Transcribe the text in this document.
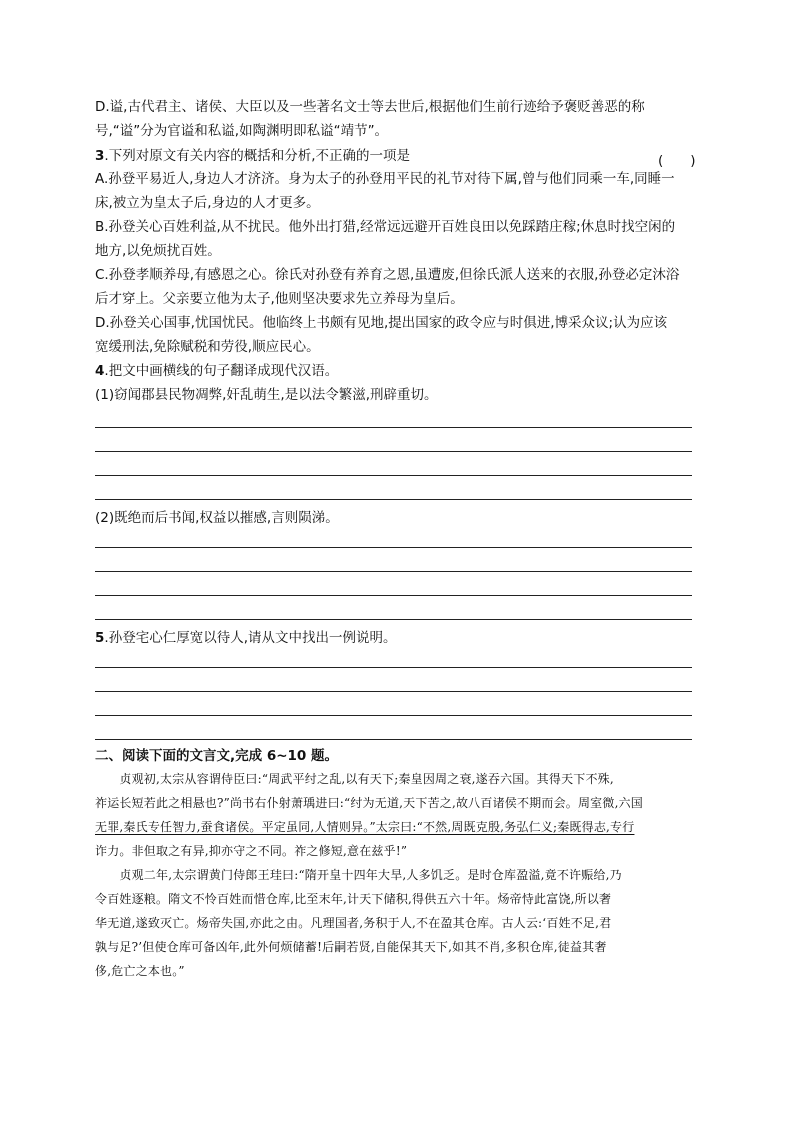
D.谥,古代君主、诸侯、大臣以及一些著名文士等去世后,根据他们生前行迹给予褒贬善恶的称
号,“谥”分为官谥和私谥,如陶渊明即私谥“靖节”。
3.下列对原文有关内容的概括和分析,不正确的一项是	(　　)
A.孙登平易近人,身边人才济济。身为太子的孙登用平民的礼节对待下属,曾与他们同乘一车,同睡一
床,被立为皇太子后,身边的人才更多。
B.孙登关心百姓利益,从不扰民。他外出打猎,经常远远避开百姓良田以免踩踏庄稼;休息时找空闲的
地方,以免烦扰百姓。
C.孙登孝顺养母,有感恩之心。徐氏对孙登有养育之恩,虽遭废,但徐氏派人送来的衣服,孙登必定沐浴
后才穿上。父亲要立他为太子,他则坚决要求先立养母为皇后。
D.孙登关心国事,忧国忧民。他临终上书颇有见地,提出国家的政令应与时俱进,博采众议;认为应该
宽缓刑法,免除赋税和劳役,顺应民心。
4.把文中画横线的句子翻译成现代汉语。
(1)窃闻郡县民物凋弊,奸乱萌生,是以法令繁滋,刑辟重切。
(2)既绝而后书闻,权益以摧感,言则陨涕。
5.孙登宅心仁厚宽以待人,请从文中找出一例说明。
二、阅读下面的文言文,完成 6~10 题。
　　贞观初,太宗从容谓侍臣曰:“周武平纣之乱,以有天下;秦皇因周之衰,遂吞六国。其得天下不殊,
祚运长短若此之相悬也?”尚书右仆射萧瑀进曰:“纣为无道,天下苦之,故八百诸侯不期而会。周室微,六国
无罪,秦氏专任智力,蚕食诸侯。平定虽同,人情则异。”太宗曰:“不然,周既克殷,务弘仁义;秦既得志,专行
诈力。非但取之有异,抑亦守之不同。祚之修短,意在兹乎!”
　　贞观二年,太宗谓黄门侍郎王珪曰:“隋开皇十四年大旱,人多饥乏。是时仓库盈溢,竟不许赈给,乃
令百姓逐粮。隋文不怜百姓而惜仓库,比至末年,计天下储积,得供五六十年。炀帝恃此富饶,所以奢
华无道,遂致灭亡。炀帝失国,亦此之由。凡理国者,务积于人,不在盈其仓库。古人云:‘百姓不足,君
孰与足?’但使仓库可备凶年,此外何烦储蓄!后嗣若贤,自能保其天下,如其不肖,多积仓库,徒益其奢
侈,危亡之本也。”
